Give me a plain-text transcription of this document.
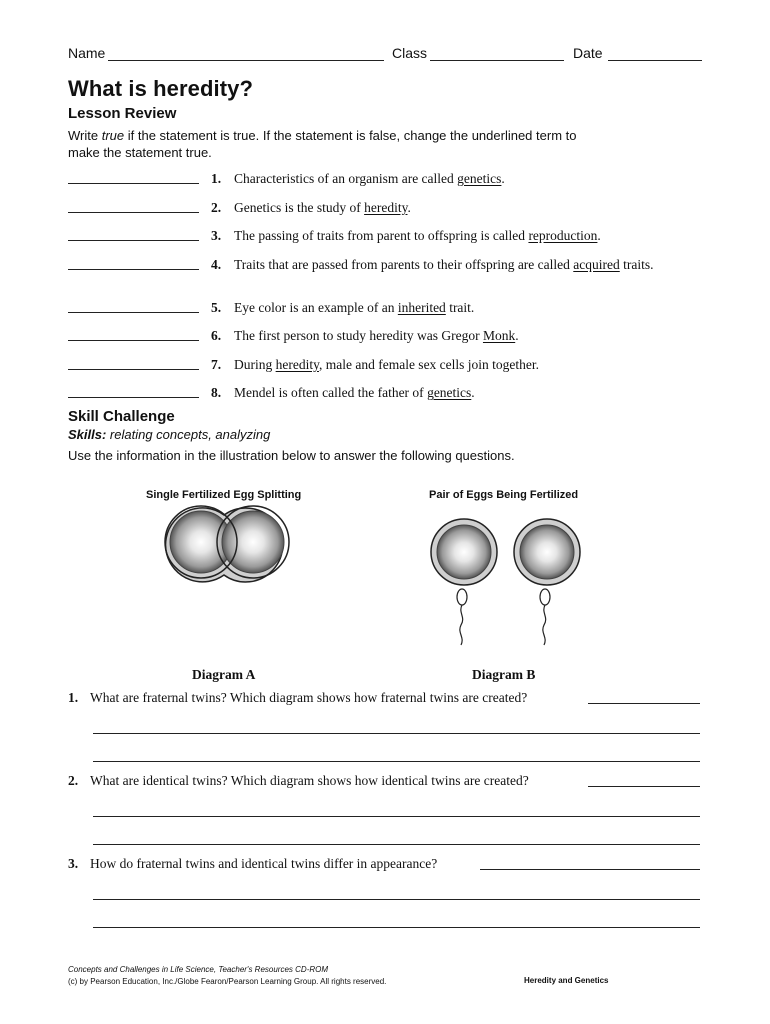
Name	Class	Date
What is heredity?
Lesson Review
Write true if the statement is true. If the statement is false, change the underlined term to make the statement true.
1. Characteristics of an organism are called genetics.
2. Genetics is the study of heredity.
3. The passing of traits from parent to offspring is called reproduction.
4. Traits that are passed from parents to their offspring are called acquired traits.
5. Eye color is an example of an inherited trait.
6. The first person to study heredity was Gregor Monk.
7. During heredity, male and female sex cells join together.
8. Mendel is often called the father of genetics.
Skill Challenge
Skills: relating concepts, analyzing
Use the information in the illustration below to answer the following questions.
Single Fertilized Egg Splitting	Pair of Eggs Being Fertilized
Diagram A	Diagram B
1. What are fraternal twins? Which diagram shows how fraternal twins are created?
2. What are identical twins? Which diagram shows how identical twins are created?
3. How do fraternal twins and identical twins differ in appearance?
Concepts and Challenges in Life Science, Teacher's Resources CD-ROM
(c) by Pearson Education, Inc./Globe Fearon/Pearson Learning Group. All rights reserved.	Heredity and Genetics
